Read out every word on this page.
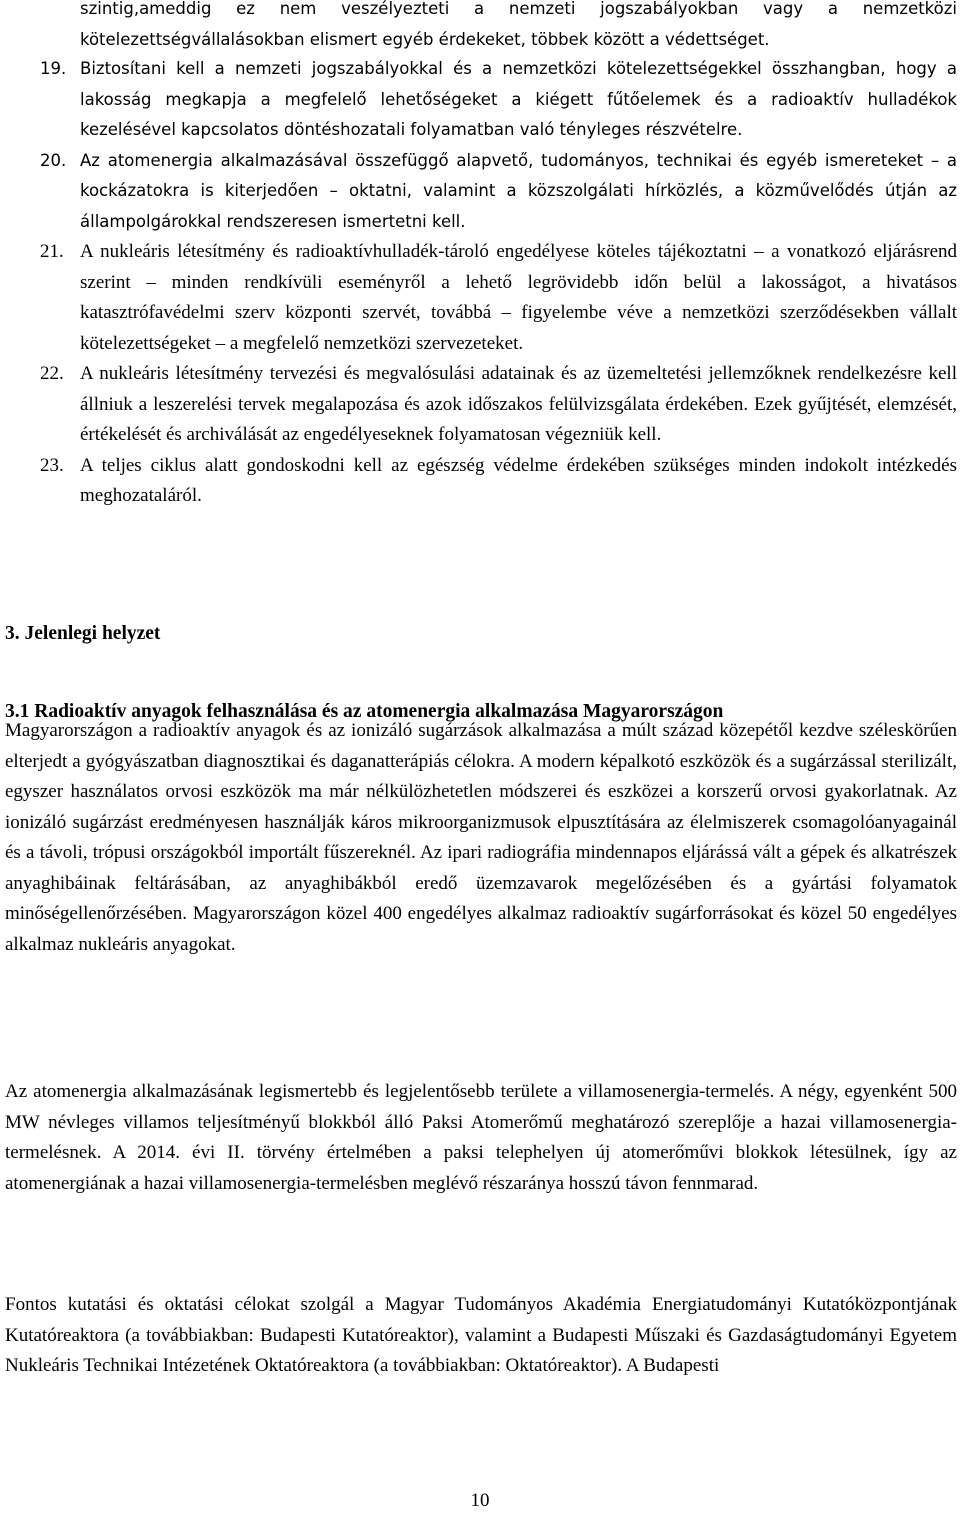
szintig,ameddig ez nem veszélyezteti a nemzeti jogszabályokban vagy a nemzetközi kötelezettségvállalásokban elismert egyéb érdekeket, többek között a védettséget.
19. Biztosítani kell a nemzeti jogszabályokkal és a nemzetközi kötelezettségekkel összhangban, hogy a lakosság megkapja a megfelelő lehetőségeket a kiégett fűtőelemek és a radioaktív hulladékok kezelésével kapcsolatos döntéshozatali folyamatban való tényleges részvételre.
20. Az atomenergia alkalmazásával összefüggő alapvető, tudományos, technikai és egyéb ismereteket – a kockázatokra is kiterjedően – oktatni, valamint a közszolgálati hírközlés, a közművelődés útján az állampolgárokkal rendszeresen ismertetni kell.
21. A nukleáris létesítmény és radioaktívhulladék-tároló engedélyese köteles tájékoztatni – a vonatkozó eljárásrend szerint – minden rendkívüli eseményről a lehető legrövidebb időn belül a lakosságot, a hivatásos katasztrófavédelmi szerv központi szervét, továbbá – figyelembe véve a nemzetközi szerződésekben vállalt kötelezettségeket – a megfelelő nemzetközi szervezeteket.
22. A nukleáris létesítmény tervezési és megvalósulási adatainak és az üzemeltetési jellemzőknek rendelkezésre kell állniuk a leszerelési tervek megalapozása és azok időszakos felülvizsgálata érdekében. Ezek gyűjtését, elemzését, értékelését és archiválását az engedélyeseknek folyamatosan végezniük kell.
23. A teljes ciklus alatt gondoskodni kell az egészség védelme érdekében szükséges minden indokolt intézkedés meghozataláról.
3. Jelenlegi helyzet
3.1 Radioaktív anyagok felhasználása és az atomenergia alkalmazása Magyarországon

Magyarországon a radioaktív anyagok és az ionizáló sugárzások alkalmazása a múlt század közepétől kezdve széleskörűen elterjedt a gyógyászatban diagnosztikai és daganatterápiás célokra. A modern képalkotó eszközök és a sugárzással sterilizált, egyszer használatos orvosi eszközök ma már nélkülözhetetlen módszerei és eszközei a korszerű orvosi gyakorlatnak. Az ionizáló sugárzást eredményesen használják káros mikroorganizmusok elpusztítására az élelmiszerek csomagolóanyagainál és a távoli, trópusi országokból importált fűszereknél. Az ipari radiográfia mindennapos eljárássá vált a gépek és alkatrészek anyaghibáinak feltárásában, az anyaghibákból eredő üzemzavarok megelőzésében és a gyártási folyamatok minőségellenőrzésében. Magyarországon közel 400 engedélyes alkalmaz radioaktív sugárforrásokat és közel 50 engedélyes alkalmaz nukleáris anyagokat.

Az atomenergia alkalmazásának legismertebb és legjelentősebb területe a villamosenergia-termelés. A négy, egyenként 500 MW névleges villamos teljesítményű blokkból álló Paksi Atomerőmű meghatározó szereplője a hazai villamosenergia-termelésnek. A 2014. évi II. törvény értelmében a paksi telephelyen új atomerőművi blokkok létesülnek, így az atomenergiának a hazai villamosenergia-termelésben meglévő részaránya hosszú távon fennmarad.

Fontos kutatási és oktatási célokat szolgál a Magyar Tudományos Akadémia Energiatudományi Kutatóközpontjának Kutatóreaktora (a továbbiakban: Budapesti Kutatóreaktor), valamint a Budapesti Műszaki és Gazdaságtudományi Egyetem Nukleáris Technikai Intézetének Oktatóreaktora (a továbbiakban: Oktatóreaktor). A Budapesti

10
